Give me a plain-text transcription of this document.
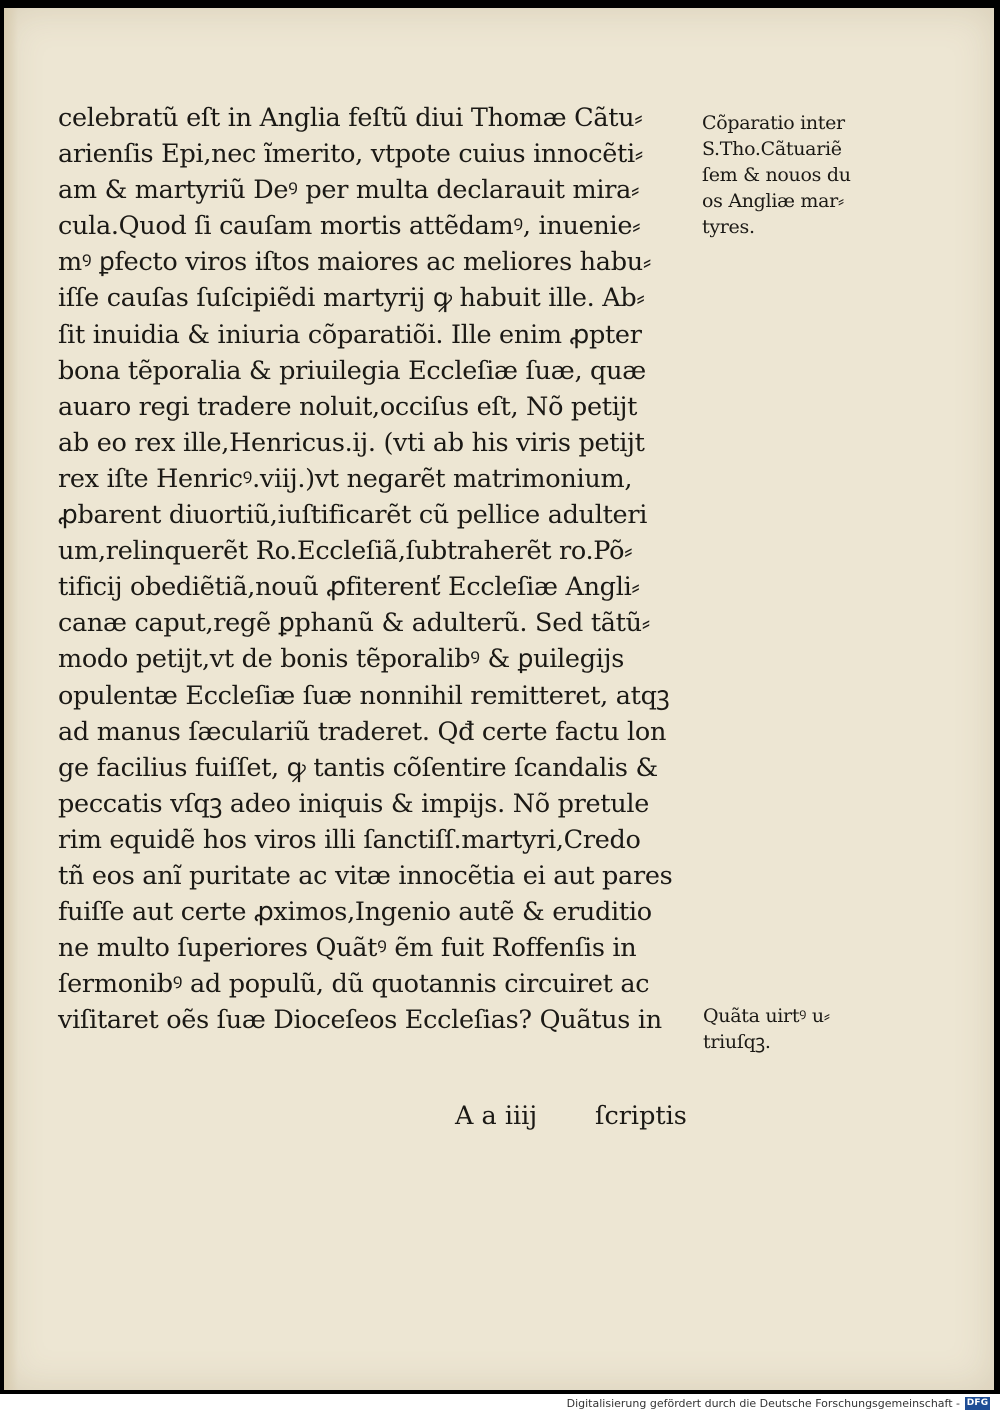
celebratũ eſt in Anglia feſtũ diui Thomæ Cãtu⸗
arienſis Epi,nec ĩmerito, vtpote cuius innocẽti⸗
am & martyriũ Deꝰ per multa declarauit mira⸗
cula.Quod ſi cauſam mortis attẽdamꝰ, inuenie⸗
mꝰ ꝑfecto viros iſtos maiores ac meliores habu⸗
iſſe cauſas ſuſcipiẽdi martyrij ꝙ habuit ille. Ab⸗
ſit inuidia & iniuria cõparatiõi. Ille enim ꝓpter
bona tẽporalia & priuilegia Eccleſiæ ſuæ, quæ
auaro regi tradere noluit,occiſus eſt, Nõ petijt
ab eo rex ille,Henricus.ij. (vti ab his viris petijt
rex iſte Henricꝰ.viij.)vt negarẽt matrimonium,
ꝓbarent diuortiũ,iuſtificarẽt cũ pellice adulteri
um,relinquerẽt Ro.Eccleſiã,ſubtraherẽt ro.Põ⸗
tificij obediẽtiã,nouũ ꝓfiterenť Eccleſiæ Angli⸗
canæ caput,regẽ ꝑphanũ & adulterũ. Sed tãtũ⸗
modo petijt,vt de bonis tẽporalibꝰ & ꝑuilegijs
opulentæ Eccleſiæ ſuæ nonnihil remitteret, atqꝫ
ad manus ſæculariũ traderet. Qđ certe factu lon
ge facilius fuiſſet, ꝙ tantis cõſentire ſcandalis &
peccatis vſqꝫ adeo iniquis & impijs. Nõ pretule
rim equidẽ hos viros illi ſanctiſſ.martyri,Credo
tñ eos anĩ puritate ac vitæ innocẽtia ei aut pares
fuiſſe aut certe ꝓximos,Ingenio autẽ & eruditio
ne multo ſuperiores Quãtꝰ ẽm fuit Roffenſis in
ſermonibꝰ ad populũ, dũ quotannis circuiret ac
viſitaret oẽs ſuæ Dioceſeos Eccleſias? Quãtus in
A a iiij ſcriptis
Cõparatio inter
S.Tho.Cãtuariẽ
ſem & nouos du
os Angliæ mar⸗
tyres.
Quãta uirtꝰ u⸗
triuſqꝫ.
Digitalisierung gefördert durch die Deutsche Forschungsgemeinschaft - DFG
